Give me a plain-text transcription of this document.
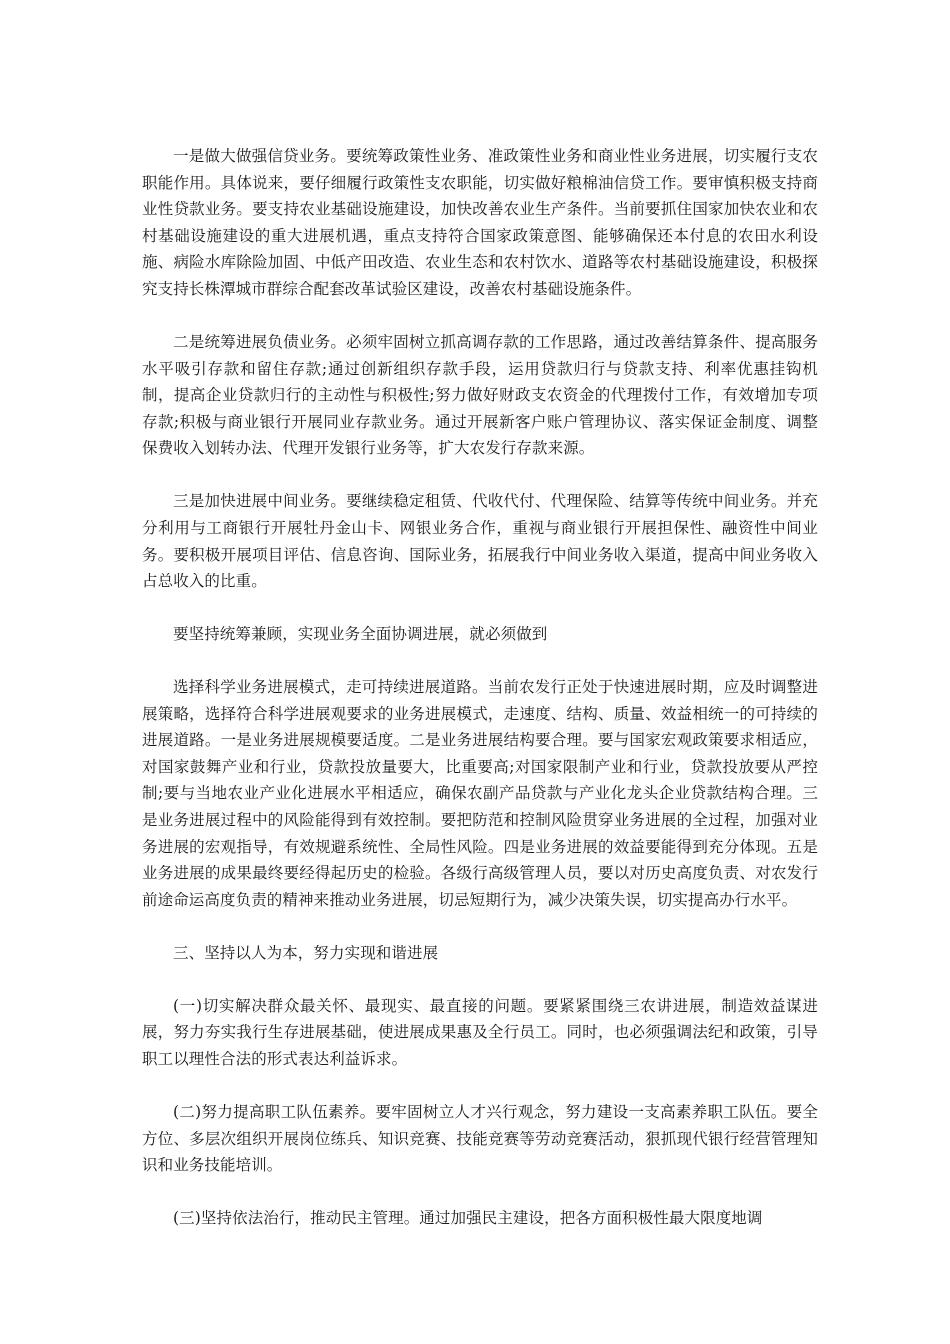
一是做大做强信贷业务。要统筹政策性业务、准政策性业务和商业性业务进展，切实履行支农职能作用。具体说来，要仔细履行政策性支农职能，切实做好粮棉油信贷工作。要审慎积极支持商业性贷款业务。要支持农业基础设施建设，加快改善农业生产条件。当前要抓住国家加快农业和农村基础设施建设的重大进展机遇，重点支持符合国家政策意图、能够确保还本付息的农田水利设施、病险水库除险加固、中低产田改造、农业生态和农村饮水、道路等农村基础设施建设，积极探究支持长株潭城市群综合配套改革试验区建设，改善农村基础设施条件。

二是统筹进展负债业务。必须牢固树立抓高调存款的工作思路，通过改善结算条件、提高服务水平吸引存款和留住存款;通过创新组织存款手段，运用贷款归行与贷款支持、利率优惠挂钩机制，提高企业贷款归行的主动性与积极性;努力做好财政支农资金的代理拨付工作，有效增加专项存款;积极与商业银行开展同业存款业务。通过开展新客户账户管理协议、落实保证金制度、调整保费收入划转办法、代理开发银行业务等，扩大农发行存款来源。

三是加快进展中间业务。要继续稳定租赁、代收代付、代理保险、结算等传统中间业务。并充分利用与工商银行开展牡丹金山卡、网银业务合作，重视与商业银行开展担保性、融资性中间业务。要积极开展项目评估、信息咨询、国际业务，拓展我行中间业务收入渠道，提高中间业务收入占总收入的比重。

要坚持统筹兼顾，实现业务全面协调进展，就必须做到

选择科学业务进展模式，走可持续进展道路。当前农发行正处于快速进展时期，应及时调整进展策略，选择符合科学进展观要求的业务进展模式，走速度、结构、质量、效益相统一的可持续的进展道路。一是业务进展规模要适度。二是业务进展结构要合理。要与国家宏观政策要求相适应，对国家鼓舞产业和行业，贷款投放量要大，比重要高;对国家限制产业和行业，贷款投放要从严控制;要与当地农业产业化进展水平相适应，确保农副产品贷款与产业化龙头企业贷款结构合理。三是业务进展过程中的风险能得到有效控制。要把防范和控制风险贯穿业务进展的全过程，加强对业务进展的宏观指导，有效规避系统性、全局性风险。四是业务进展的效益要能得到充分体现。五是业务进展的成果最终要经得起历史的检验。各级行高级管理人员，要以对历史高度负责、对农发行前途命运高度负责的精神来推动业务进展，切忌短期行为，减少决策失误，切实提高办行水平。

三、坚持以人为本，努力实现和谐进展

(一)切实解决群众最关怀、最现实、最直接的问题。要紧紧围绕三农讲进展，制造效益谋进展，努力夯实我行生存进展基础，使进展成果惠及全行员工。同时，也必须强调法纪和政策，引导职工以理性合法的形式表达利益诉求。

(二)努力提高职工队伍素养。要牢固树立人才兴行观念，努力建设一支高素养职工队伍。要全方位、多层次组织开展岗位练兵、知识竞赛、技能竞赛等劳动竞赛活动，狠抓现代银行经营管理知识和业务技能培训。

(三)坚持依法治行，推动民主管理。通过加强民主建设，把各方面积极性最大限度地调
